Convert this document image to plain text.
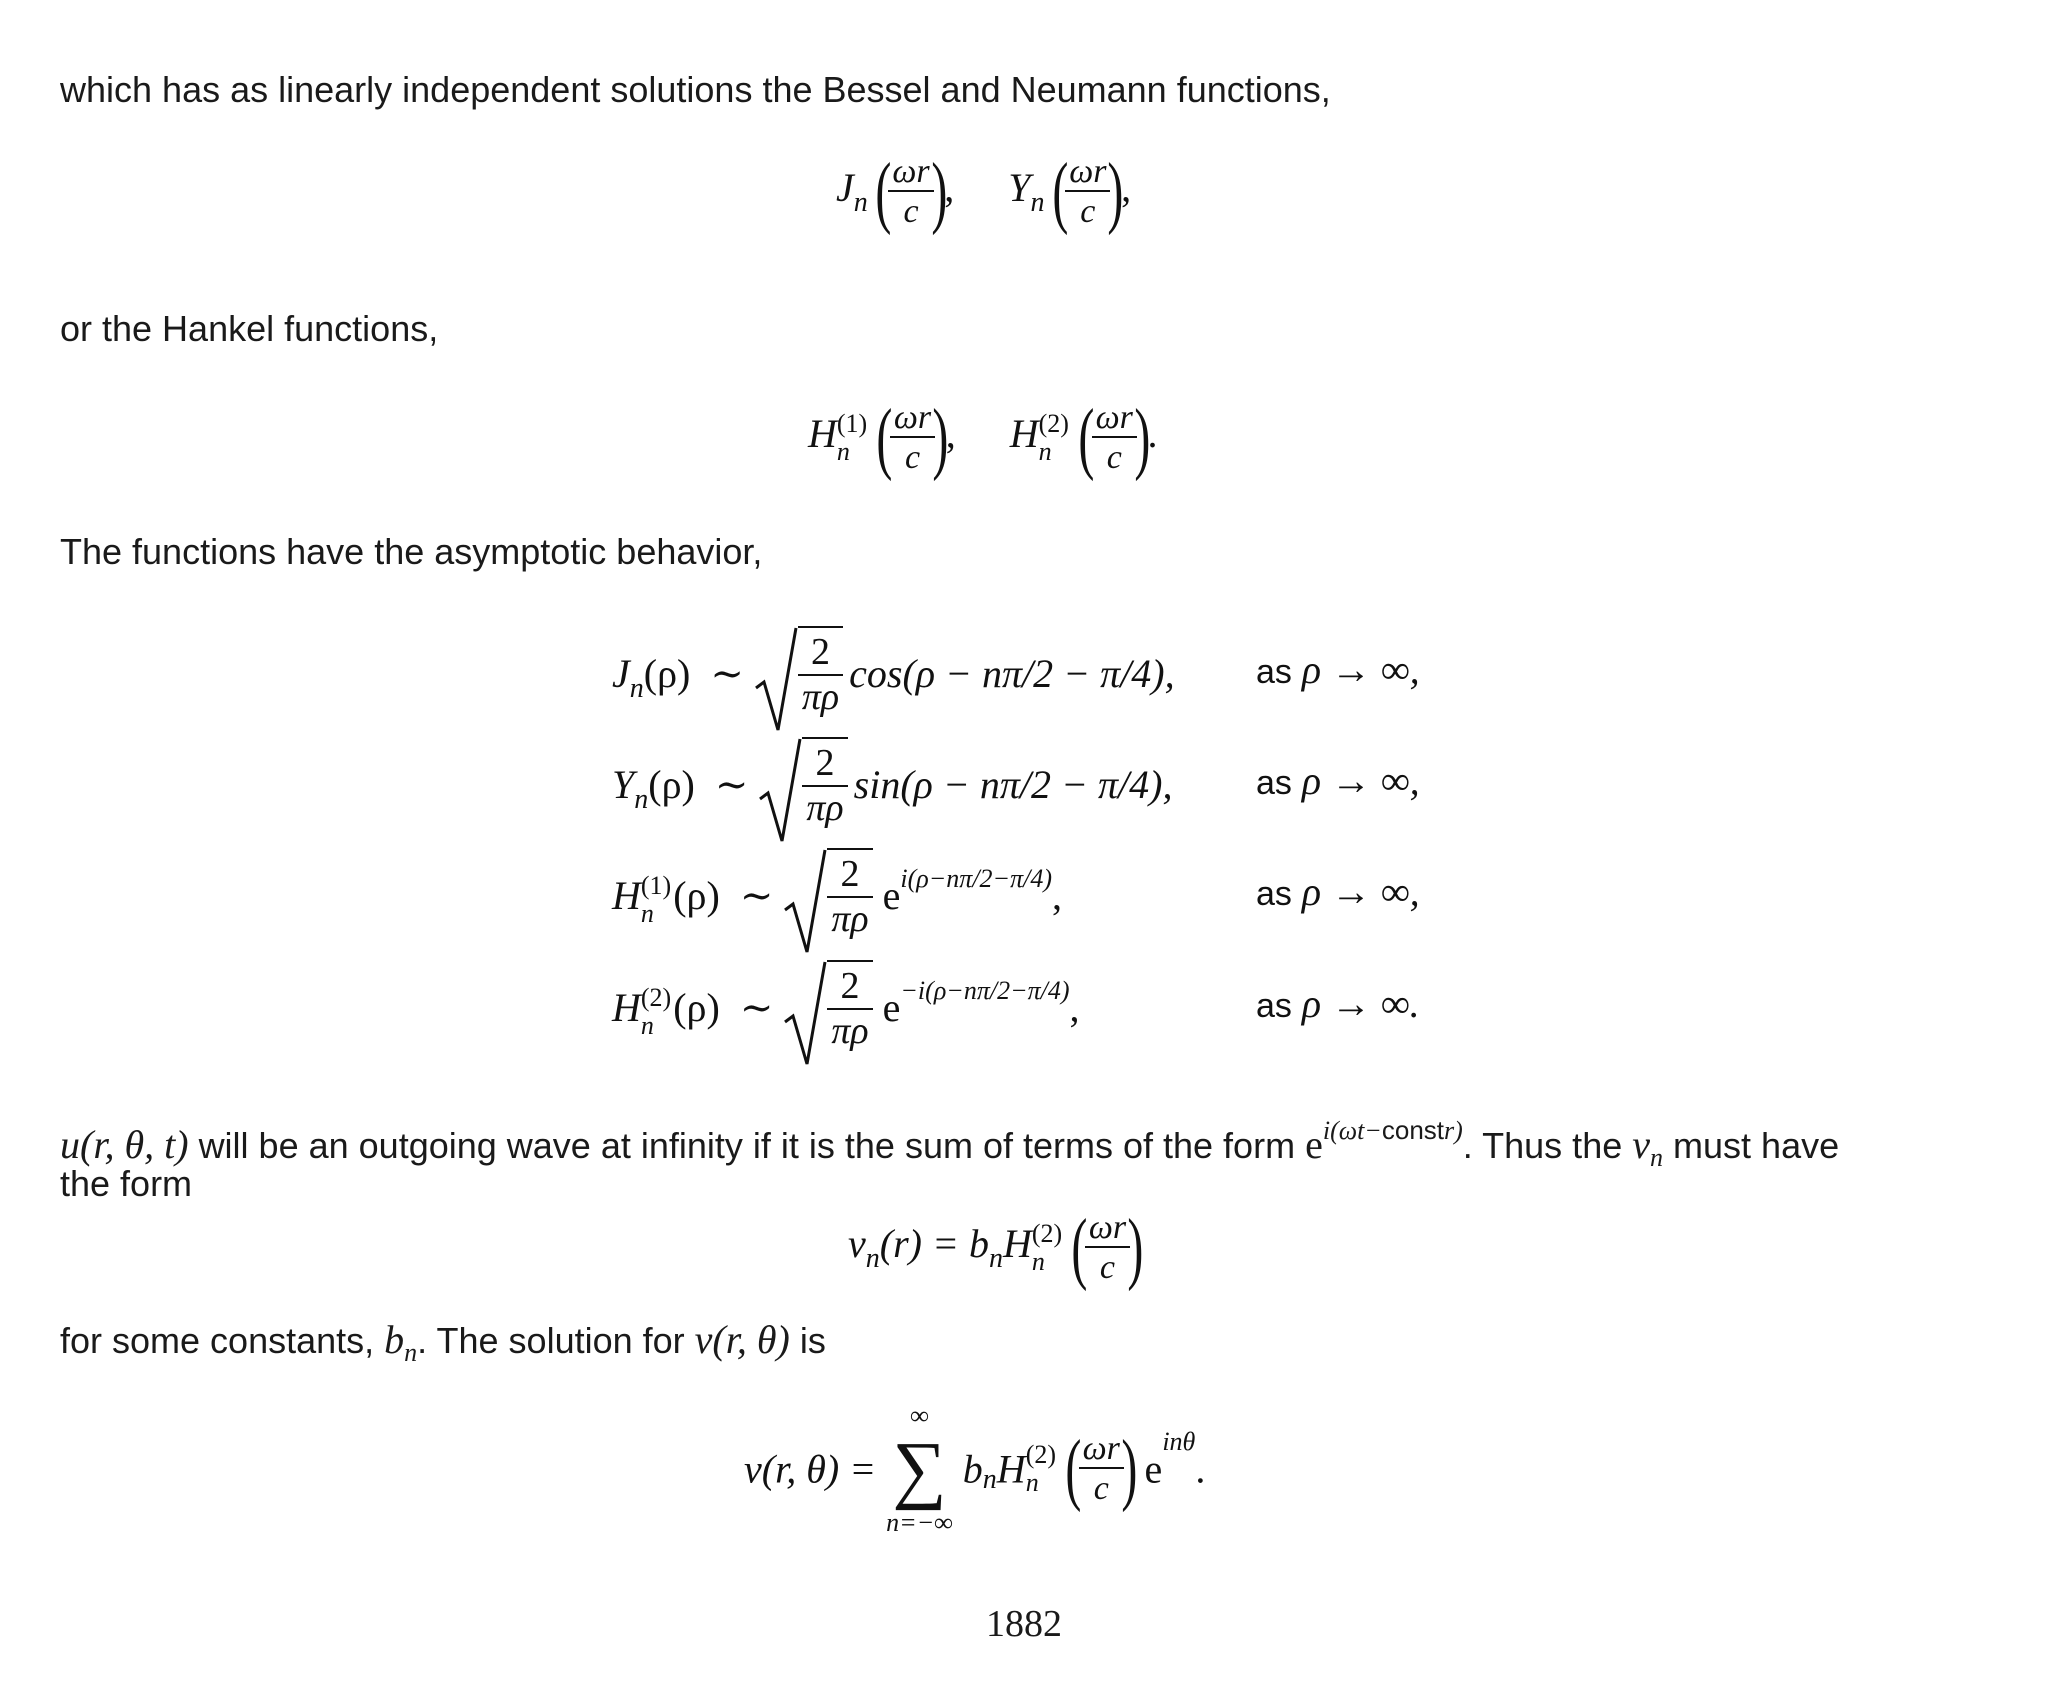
which has as linearly independent solutions the Bessel and Neumann functions,
$J_n$ (
$\frac{\omega r}{c}$
), $Y_n$ (
$\frac{\omega r}{c}$
),
or the Hankel functions,
H (1)
n (
$\frac{\omega r}{c}$
), H (2)
n (
$\frac{\omega r}{c}$
).
The functions have the asymptotic behavior,
$J_n(\rho)$ ∼ $\frac{2}{\pi\rho} \cos(\rho - n\pi/2 - \pi/4)$, as ρ → ∞,
$Y_n(\rho)$ ∼ $\frac{2}{\pi\rho} \sin(\rho - n\pi/2 - \pi/4)$, as ρ → ∞,
H (1)
n (ρ) ∼ $\frac{2}{\pi\rho} e^{i(\rho-n\pi/2-\pi/4)}$,	as ρ → ∞,
H (2)
n (ρ) ∼ $\frac{2}{\pi\rho} e^{-i(\rho-n\pi/2-\pi/4)}$,	as ρ → ∞.
u(r, θ, t) will be an outgoing wave at infinity if it is the sum of terms of the form $e^{i(\omega t-constr)}$. Thus the $v_n$ must have
the form
$v_n(r) = b_nH$ (2)
n (
$\frac{\omega r}{c}$
)
for some constants, $b_n$. The solution for v(r, θ) is
v(r, θ) =
∞
∑
n=−∞
$b_nH$ (2)
n (
$\frac{\omega r}{c}$
) $e^{in\theta}$.
1882
